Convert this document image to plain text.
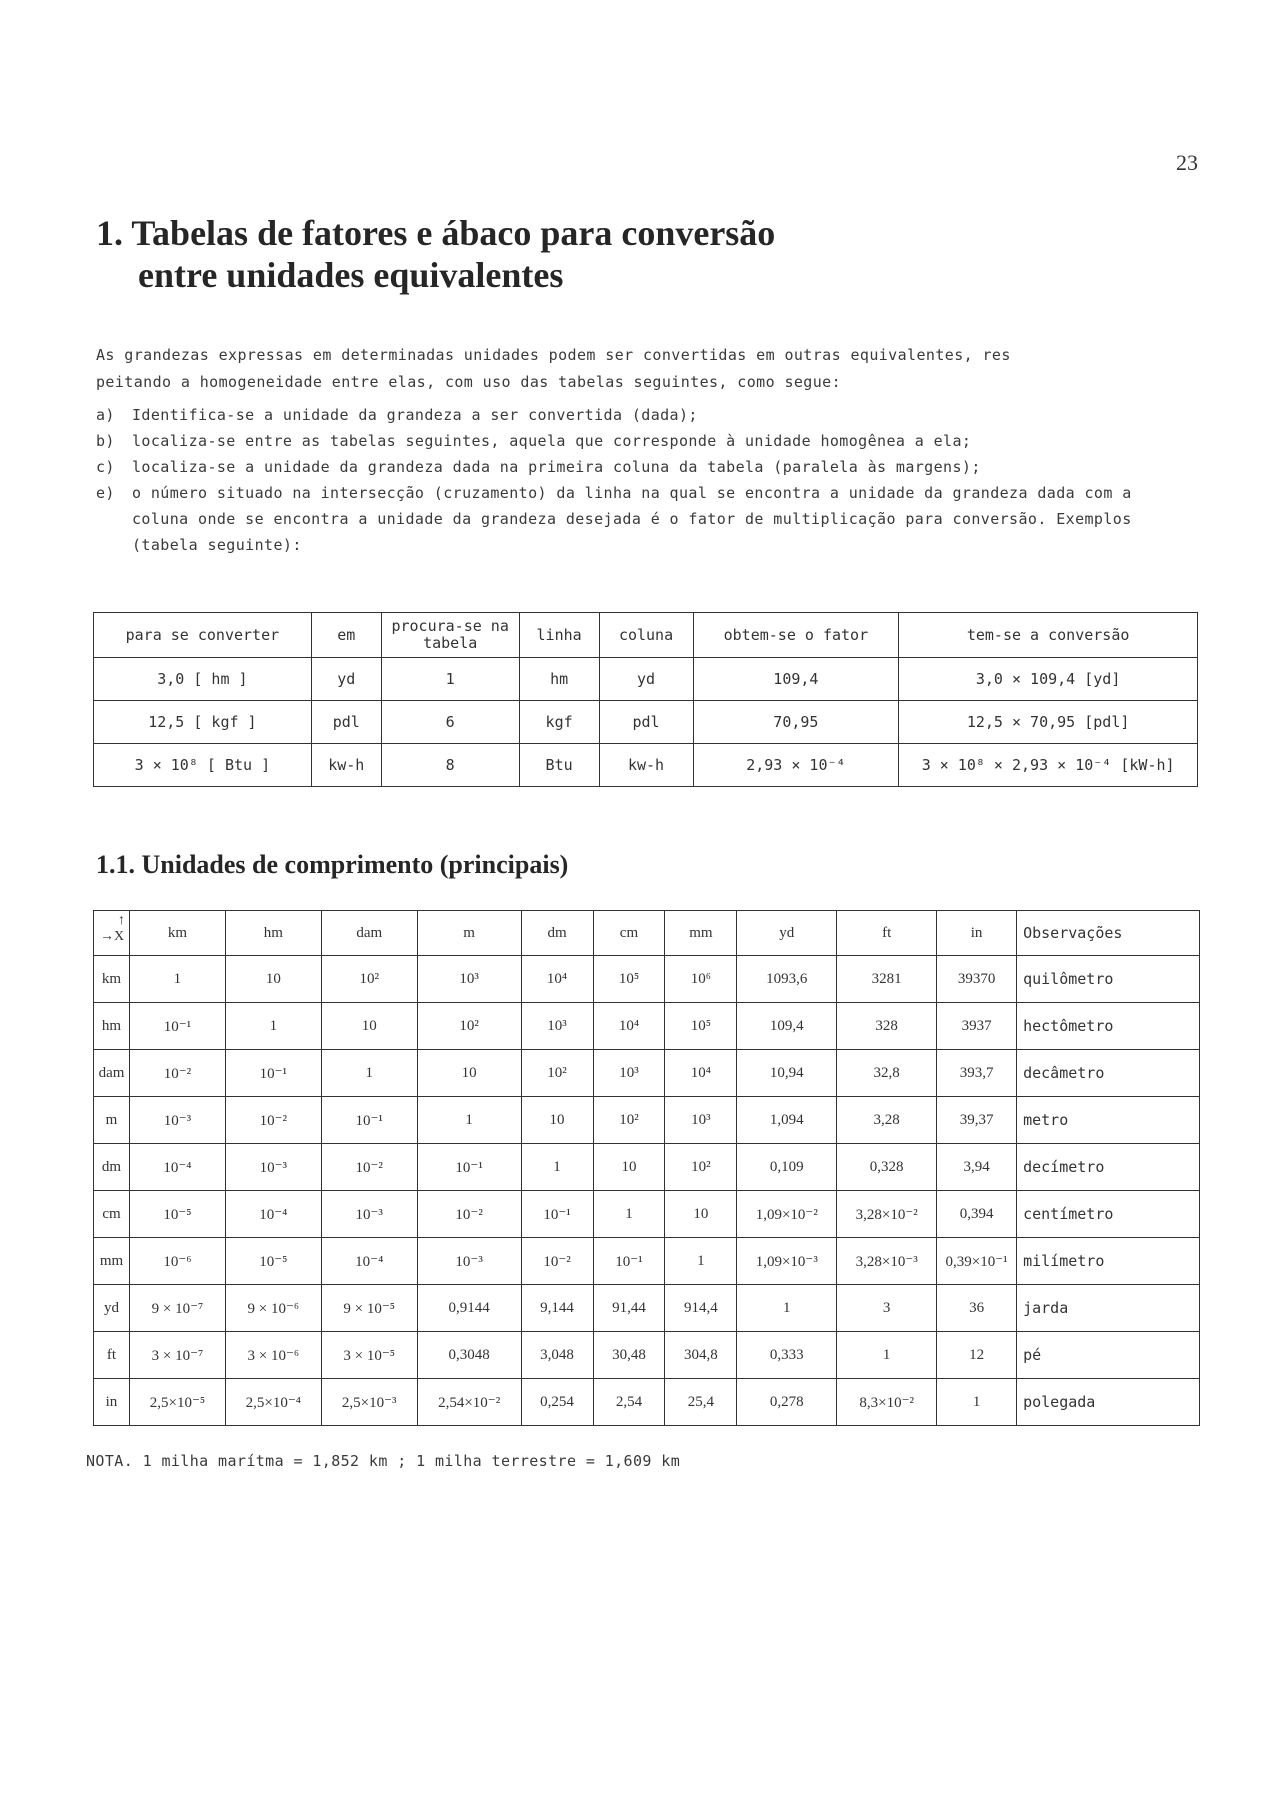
23
1. Tabelas de fatores e ábaco para conversão
entre unidades equivalentes

As grandezas expressas em determinadas unidades podem ser convertidas em outras equivalentes, res

peitando a homogeneidade entre elas, com uso das tabelas seguintes, como segue:

a)	Identifica-se a unidade da grandeza a ser convertida (dada);
b)	localiza-se entre as tabelas seguintes, aquela que corresponde à unidade homogênea a ela;
c)	localiza-se a unidade da grandeza dada na primeira coluna da tabela (paralela às margens);
e)	o número situado na intersecção (cruzamento) da linha na qual se encontra a unidade da grandeza dada com a coluna onde se encontra a unidade da grandeza desejada é o fator de multiplicação para conversão. Exemplos (tabela seguinte):
para se converter	em	procura-se na tabela	linha	coluna	obtem-se o fator	tem-se a conversão
3,0 [ hm ]	yd	1	hm	yd	109,4	3,0 × 109,4 [yd]
12,5 [ kgf ]	pdl	6	kgf	pdl	70,95	12,5 × 70,95 [pdl]
3 × 10⁸ [ Btu ]	kw-h	8	Btu	kw-h	2,93 × 10⁻⁴	3 × 10⁸ × 2,93 × 10⁻⁴ [kW-h]
1.1. Unidades de comprimento (principais)
↑
→X	km	hm	dam	m	dm	cm	mm	yd	ft	in	Observações
km	1	10	10²	10³	10⁴	10⁵	10⁶	1093,6	3281	39370	quilômetro
hm	10⁻¹	1	10	10²	10³	10⁴	10⁵	109,4	328	3937	hectômetro
dam	10⁻²	10⁻¹	1	10	10²	10³	10⁴	10,94	32,8	393,7	decâmetro
m	10⁻³	10⁻²	10⁻¹	1	10	10²	10³	1,094	3,28	39,37	metro
dm	10⁻⁴	10⁻³	10⁻²	10⁻¹	1	10	10²	0,109	0,328	3,94	decímetro
cm	10⁻⁵	10⁻⁴	10⁻³	10⁻²	10⁻¹	1	10	1,09×10⁻²	3,28×10⁻²	0,394	centímetro
mm	10⁻⁶	10⁻⁵	10⁻⁴	10⁻³	10⁻²	10⁻¹	1	1,09×10⁻³	3,28×10⁻³	0,39×10⁻¹	milímetro
yd	9 × 10⁻⁷	9 × 10⁻⁶	9 × 10⁻⁵	0,9144	9,144	91,44	914,4	1	3	36	jarda
ft	3 × 10⁻⁷	3 × 10⁻⁶	3 × 10⁻⁵	0,3048	3,048	30,48	304,8	0,333	1	12	pé
in	2,5×10⁻⁵	2,5×10⁻⁴	2,5×10⁻³	2,54×10⁻²	0,254	2,54	25,4	0,278	8,3×10⁻²	1	polegada

NOTA. 1 milha marítma = 1,852 km ; 1 milha terrestre = 1,609 km
